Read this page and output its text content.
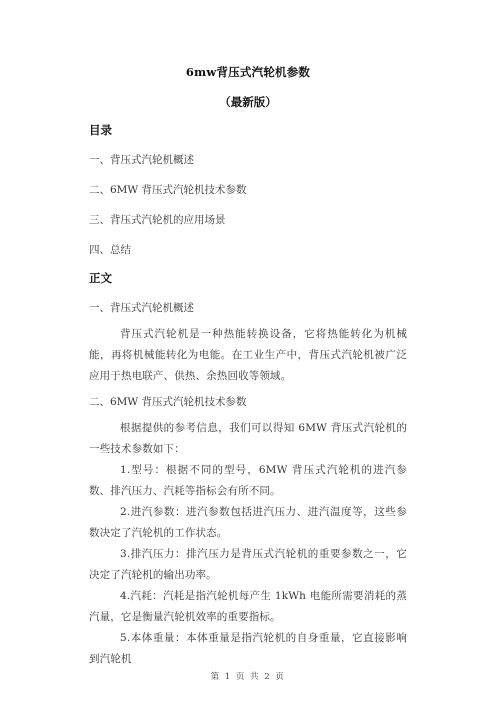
6mw背压式汽轮机参数
（最新版）
目录
一、背压式汽轮机概述
二、6MW 背压式汽轮机技术参数
三、背压式汽轮机的应用场景
四、总结
正文
一、背压式汽轮机概述
背压式汽轮机是一种热能转换设备，它将热能转化为机械能，再将机械能转化为电能。在工业生产中，背压式汽轮机被广泛应用于热电联产、供热、余热回收等领域。
二、6MW 背压式汽轮机技术参数
根据提供的参考信息，我们可以得知 6MW 背压式汽轮机的一些技术参数如下：
1.型号：根据不同的型号，6MW 背压式汽轮机的进汽参数、排汽压力、汽耗等指标会有所不同。
2.进汽参数：进汽参数包括进汽压力、进汽温度等，这些参数决定了汽轮机的工作状态。
3.排汽压力：排汽压力是背压式汽轮机的重要参数之一，它决定了汽轮机的输出功率。
4.汽耗：汽耗是指汽轮机每产生 1kWh 电能所需要消耗的蒸汽量，它是衡量汽轮机效率的重要指标。
5.本体重量：本体重量是指汽轮机的自身重量，它直接影响到汽轮机
第 1 页 共 2 页
